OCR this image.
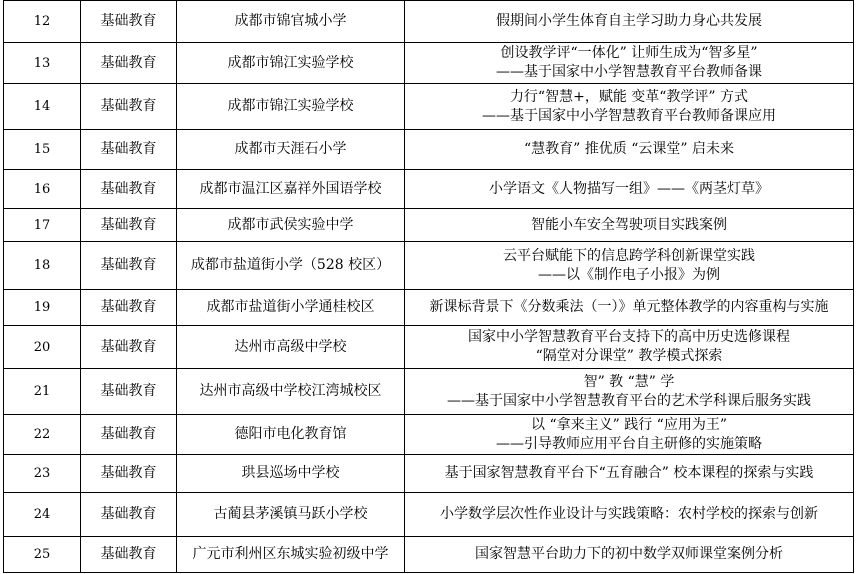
12	基础教育	成都市锦官城小学	假期间小学生体育自主学习助力身心共发展

13	基础教育	成都市锦江实验学校	创设教学评“一体化” 让师生成为“智多星”
——基于国家中小学智慧教育平台教师备课

14	基础教育	成都市锦江实验学校	力行“智慧+，赋能 变革“教学评” 方式
——基于国家中小学智慧教育平台教师备课应用

15	基础教育	成都市天涯石小学	“慧教育” 推优质 “云课堂” 启未来

16	基础教育	成都市温江区嘉祥外国语学校	小学语文《人物描写一组》——《两茎灯草》

17	基础教育	成都市武侯实验中学	智能小车安全驾驶项目实践案例

18	基础教育	成都市盐道街小学（528 校区）	云平台赋能下的信息跨学科创新课堂实践
——以《制作电子小报》为例

19	基础教育	成都市盐道街小学通桂校区	新课标背景下《分数乘法（一）》单元整体教学的内容重构与实施

20	基础教育	达州市高级中学校	国家中小学智慧教育平台支持下的高中历史选修课程
“隔堂对分课堂” 教学模式探索

21	基础教育	达州市高级中学校江湾城校区	智” 教 “慧” 学
——基于国家中小学智慧教育平台的艺术学科课后服务实践

22	基础教育	德阳市电化教育馆	以 “拿来主义” 践行 “应用为王”
——引导教师应用平台自主研修的实施策略

23	基础教育	珙县巡场中学校	基于国家智慧教育平台下“五育融合” 校本课程的探索与实践

24	基础教育	古蔺县茅溪镇马跃小学校	小学数学层次性作业设计与实践策略：农村学校的探索与创新

25	基础教育	广元市利州区东城实验初级中学	国家智慧平台助力下的初中数学双师课堂案例分析
